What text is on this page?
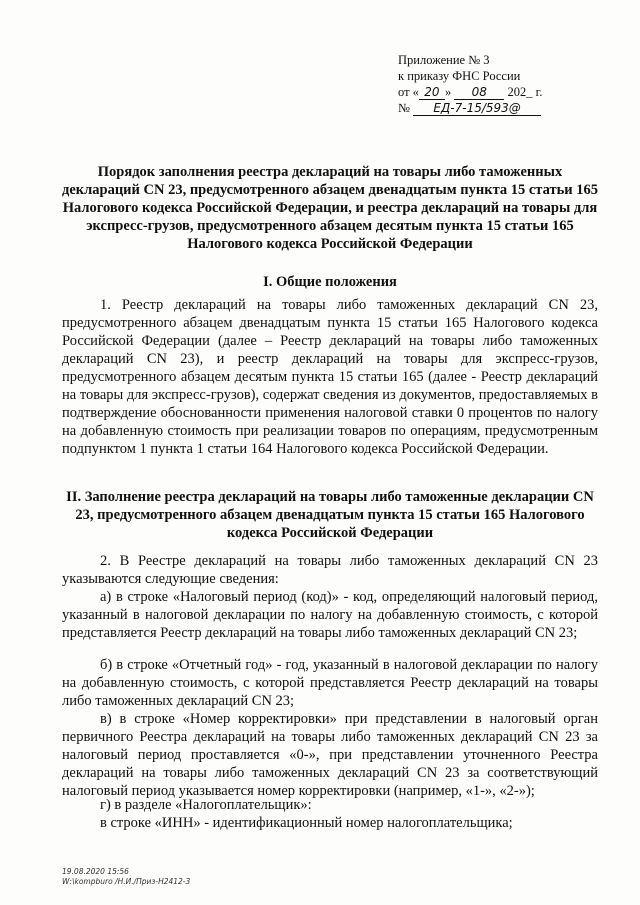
Приложение № 3
к приказу ФНС России
от « 20 » 08 202_ г.
№ ЕД-7-15/593@
Порядок заполнения реестра деклараций на товары либо таможенных деклараций CN 23, предусмотренного абзацем двенадцатым пункта 15 статьи 165 Налогового кодекса Российской Федерации, и реестра деклараций на товары для экспресс-грузов, предусмотренного абзацем десятым пункта 15 статьи 165 Налогового кодекса Российской Федерации
I. Общие положения
1. Реестр деклараций на товары либо таможенных деклараций CN 23, предусмотренного абзацем двенадцатым пункта 15 статьи 165 Налогового кодекса Российской Федерации (далее – Реестр деклараций на товары либо таможенных деклараций CN 23), и реестр деклараций на товары для экспресс-грузов, предусмотренного абзацем десятым пункта 15 статьи 165 (далее - Реестр деклараций на товары для экспресс-грузов), содержат сведения из документов, предоставляемых в подтверждение обоснованности применения налоговой ставки 0 процентов по налогу на добавленную стоимость при реализации товаров по операциям, предусмотренным подпунктом 1 пункта 1 статьи 164 Налогового кодекса Российской Федерации.
II. Заполнение реестра деклараций на товары либо таможенные декларации CN 23, предусмотренного абзацем двенадцатым пункта 15 статьи 165 Налогового кодекса Российской Федерации
2. В Реестре деклараций на товары либо таможенных деклараций CN 23 указываются следующие сведения:
а) в строке «Налоговый период (код)» - код, определяющий налоговый период, указанный в налоговой декларации по налогу на добавленную стоимость, с которой представляется Реестр деклараций на товары либо таможенных деклараций CN 23;
б) в строке «Отчетный год» - год, указанный в налоговой декларации по налогу на добавленную стоимость, с которой представляется Реестр деклараций на товары либо таможенных деклараций CN 23;
в) в строке «Номер корректировки» при представлении в налоговый орган первичного Реестра деклараций на товары либо таможенных деклараций CN 23 за налоговый период проставляется «0-», при представлении уточненного Реестра деклараций на товары либо таможенных деклараций CN 23 за соответствующий налоговый период указывается номер корректировки (например, «1-», «2-»);
г) в разделе «Налогоплательщик»:
в строке «ИНН» - идентификационный номер налогоплательщика;
19.08.2020 15:56
W:\kompburo /Н.И./Приз-Н2412-3
